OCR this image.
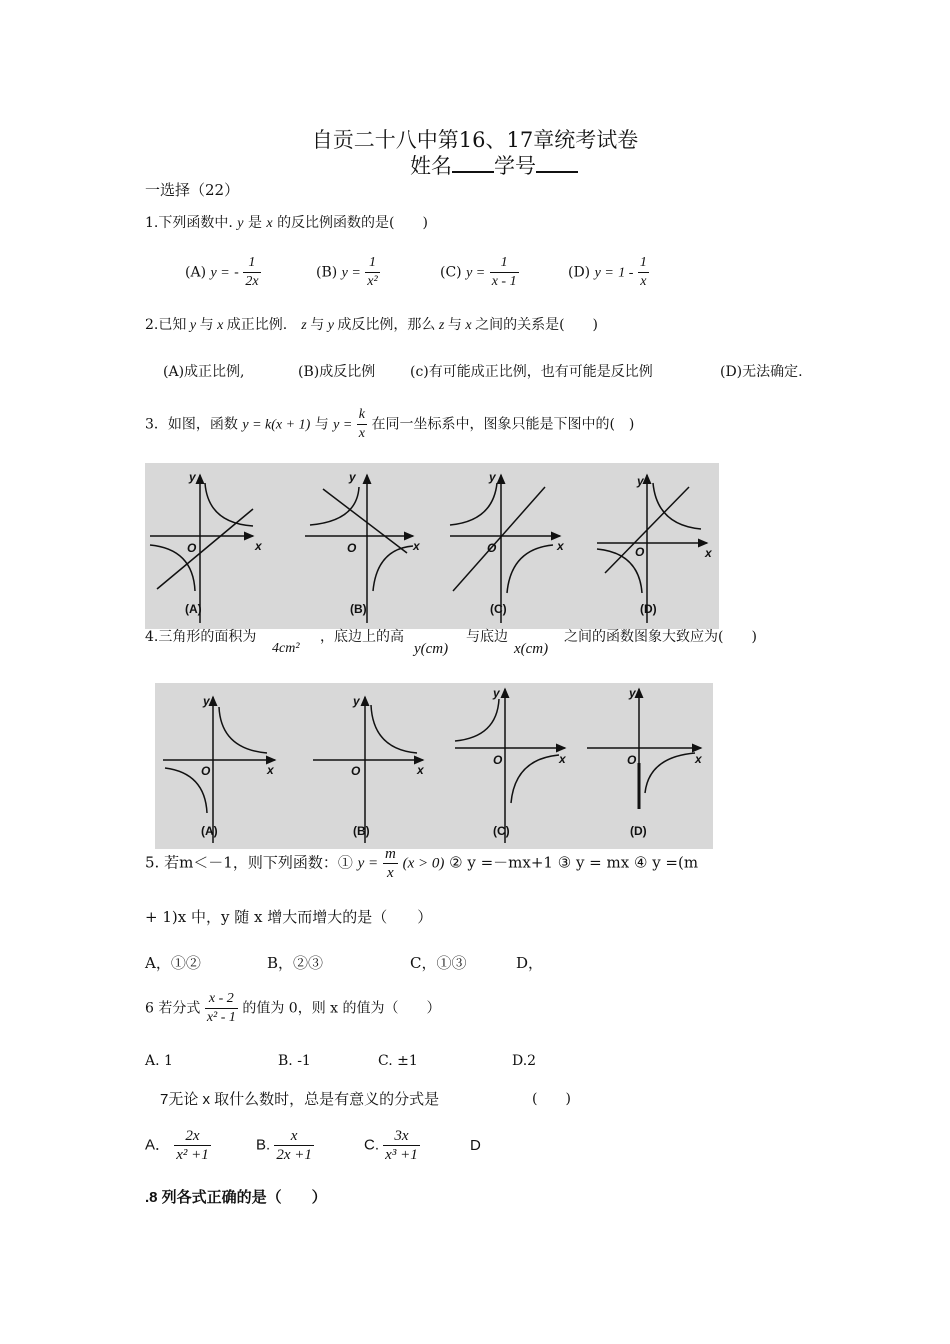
自贡二十八中第16、17章统考试卷
姓名 学号
一选择（22）
1.下列函数中. y 是 x 的反比例函数的是(　　)
(A) y = - $\frac{1}{2x}$	(B) $y = \frac{1}{\text{x²}}$	(C) $y = \frac{1}{x - 1}$	(D) $y = 1 - \frac{1}{x}$
2.已知 y 与 x 成正比例.　z 与 y 成反比例，那么 z 与 x 之间的关系是(　　)
(A)成正比例,	(B)成反比例 (c)有可能成正比例，也有可能是反比例	(D)无法确定.
3．如图，函数 y = k(x + 1) 与 $y = \frac{k}{x}$ 在同一坐标系中，图象只能是下图中的(　)
y
x
O
y
x
O
y
x
O
y
x
O
(A)	(B)	(C)	(D)
4.三角形的面积为
4cm²
，底边上的高
y(cm)
与底边
x(cm)
之间的函数图象大致应为(　　)
y
x
O
y
x
O
y
x
O
y
x
O
(A)	(B)	(C)	(D)
5. 若m＜－1，则下列函数：① $y = \frac{m}{x} (x > 0)$ ② y =－mx+1 ③ y = mx ④ y =(m
+ 1)x 中，y 随 x 增大而增大的是（　　）
A，①②	B，②③	C，①③	D，
6 若分式 $\frac{x - 2}{\text{x² - 1}}$ 的值为 0，则 x 的值为（　　）
A. 1	B. -1	C. ±1	D.2
7无论 x 取什么数时，总是有意义的分式是	(　　)
A． $\frac{2x}{\text{x² +1}}$	B. $\frac{x}{2x +1}$	C. $\frac{3x}{\text{x³ +1}}$	D
.8 列各式正确的是（　　）
